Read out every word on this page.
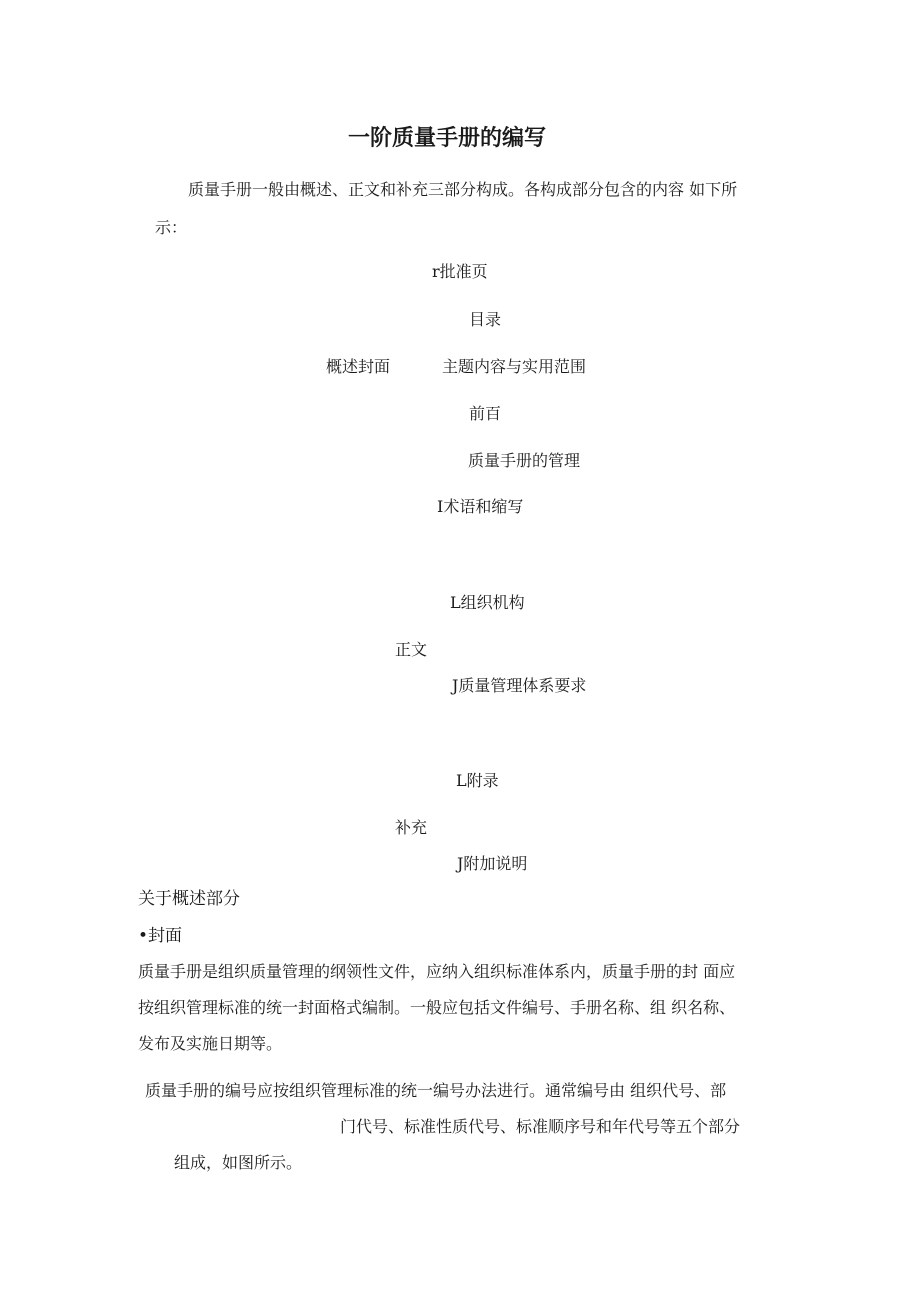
一阶质量手册的编写

质量手册一般由概述、正文和补充三部分构成。各构成部分包含的内容 如下所

示：

r批准页
目录
概述封面	主题内容与实用范围
前百
质量手册的管理
I术语和缩写
L组织机构
正文
J质量管理体系要求
L附录
补充
J附加说明
关于概述部分
•封面

质量手册是组织质量管理的纲领性文件，应纳入组织标准体系内，质量手册的封 面应

按组织管理标准的统一封面格式编制。一般应包括文件编号、手册名称、组 织名称、

发布及实施日期等。

质量手册的编号应按组织管理标准的统一编号办法进行。通常编号由 组织代号、部

门代号、标准性质代号、标准顺序号和年代号等五个部分

组成，如图所示。
